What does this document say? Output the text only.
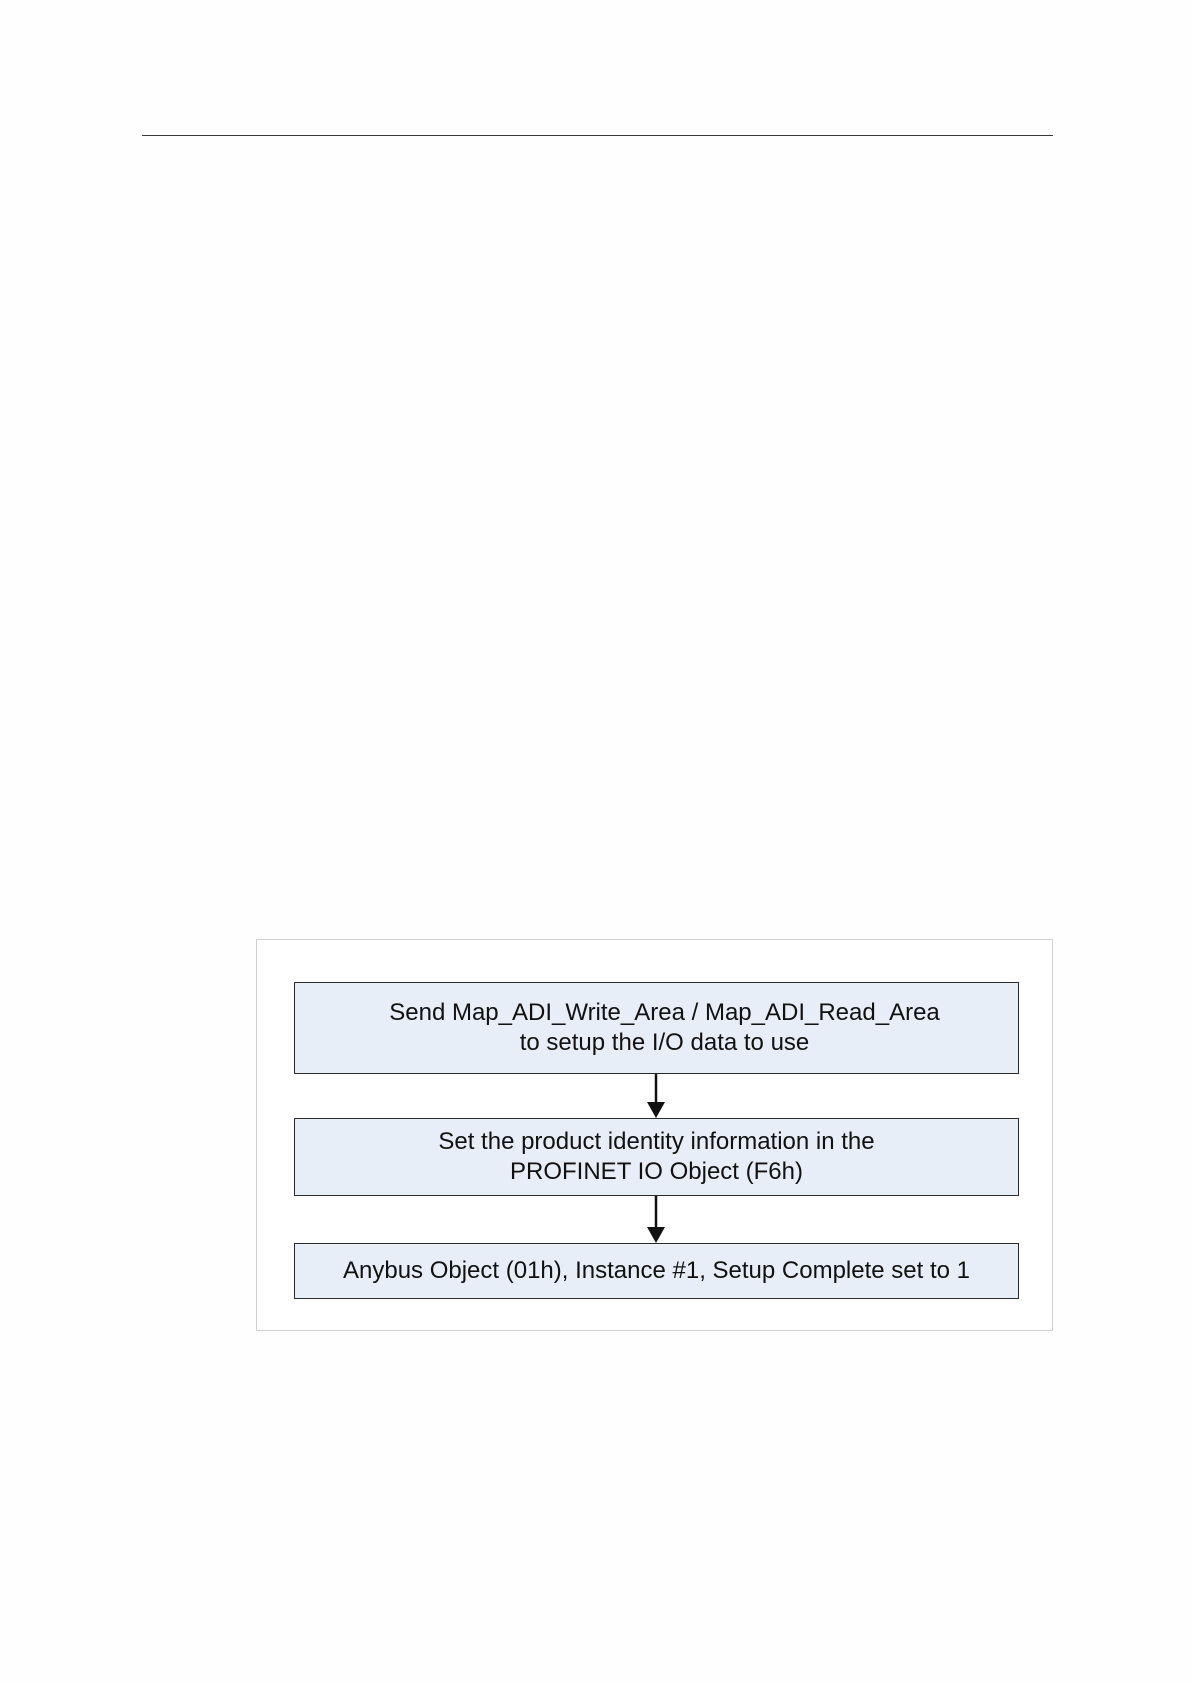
Send Map_ADI_Write_Area / Map_ADI_Read_Area
to setup the I/O data to use
Set the product identity information in the
PROFINET IO Object (F6h)
Anybus Object (01h), Instance #1, Setup Complete set to 1
